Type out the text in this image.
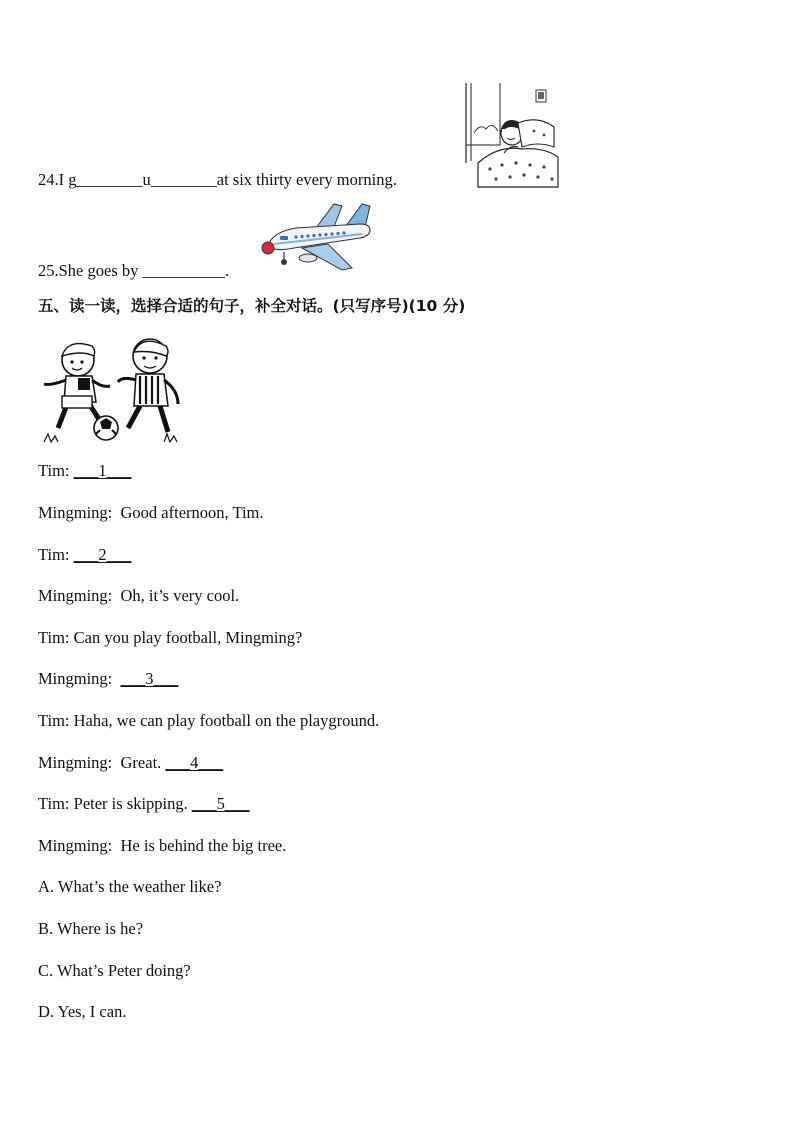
24.I g________u________at six thirty every morning.
25.She goes by __________.
五、读一读，选择合适的句子，补全对话。(只写序号)(10 分)
Tim: ___1___
Mingming: Good afternoon, Tim.
Tim: ___2___
Mingming: Oh, it’s very cool.
Tim: Can you play football, Mingming?
Mingming: ___3___
Tim: Haha, we can play football on the playground.
Mingming: Great. ___4___
Tim: Peter is skipping. ___5___
Mingming: He is behind the big tree.
A. What’s the weather like?
B. Where is he?
C. What’s Peter doing?
D. Yes, I can.
